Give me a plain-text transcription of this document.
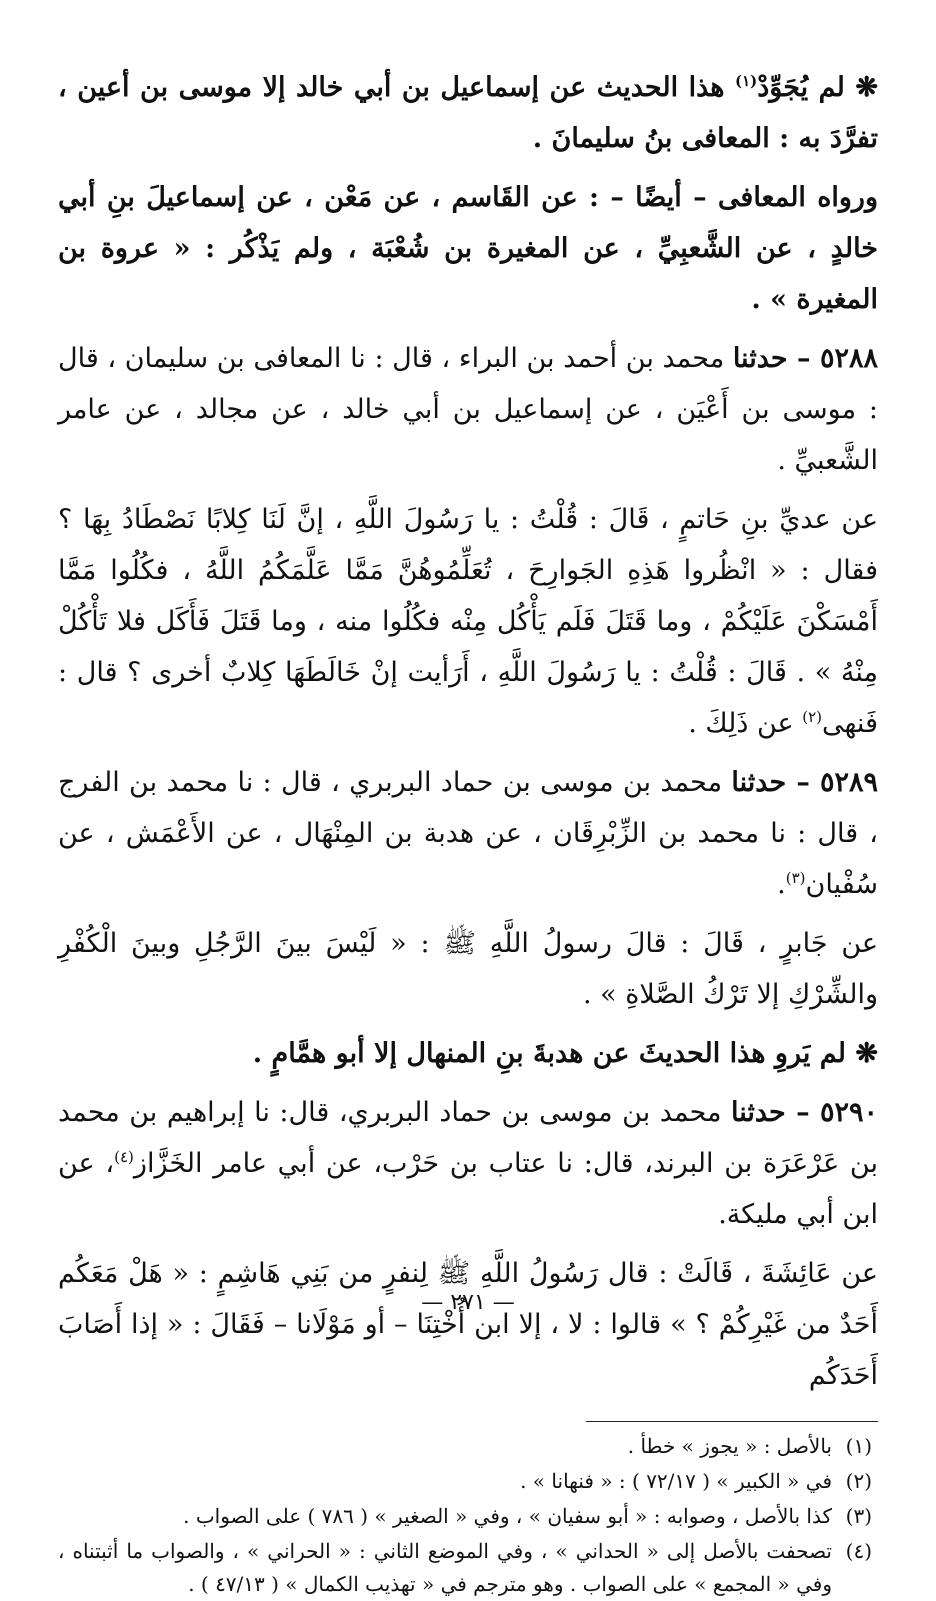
❋ لم يُجَوِّدْ$^{(١)}$ هذا الحديث عن إسماعيل بن أبي خالد إلا موسى بن أعين ، تفرَّدَ به : المعافى بنُ سليمانَ .

ورواه المعافى – أيضًا – : عن القَاسم ، عن مَعْن ، عن إسماعيلَ بنِ أبي خالدٍ ، عن الشَّعبِيِّ ، عن المغيرة بن شُعْبَة ، ولم يَذْكُر : « عروة بن المغيرة » .

٥٢٨٨ – حدثنا محمد بن أحمد بن البراء ، قال : نا المعافى بن سليمان ، قال : موسى بن أَعْيَن ، عن إسماعيل بن أبي خالد ، عن مجالد ، عن عامر الشَّعبيِّ .

عن عديِّ بنِ حَاتمٍ ، قَالَ : قُلْتُ : يا رَسُولَ اللَّهِ ، إنَّ لَنَا كِلابًا نَصْطَادُ بِهَا ؟ فقال : « انْظُروا هَذِهِ الجَوارِحَ ، تُعَلِّمُوهُنَّ مَمَّا عَلَّمَكُمُ اللَّهُ ، فكُلُوا مَمَّا أَمْسَكْنَ عَلَيْكُمْ ، وما قَتَلَ فَلَم يَأْكُل مِنْه فكُلُوا منه ، وما قَتَلَ فَأَكَل فلا تَأْكُلْ مِنْهُ » . قَالَ : قُلْتُ : يا رَسُولَ اللَّهِ ، أَرَأيت إنْ خَالَطَهَا كِلابٌ أخرى ؟ قال : فَنهى$^{(٢)}$ عن ذَلِكَ .

٥٢٨٩ – حدثنا محمد بن موسى بن حماد البربري ، قال : نا محمد بن الفرج ، قال : نا محمد بن الزِّبْرِقَان ، عن هدبة بن المِنْهَال ، عن الأَعْمَش ، عن سُفْيان$^{(٣)}$.

عن جَابرٍ ، قَالَ : قالَ رسولُ اللَّهِ ﷺ : « لَيْسَ بينَ الرَّجُلِ وبينَ الْكُفْرِ والشِّرْكِ إلا تَرْكُ الصَّلاةِ » .

❋ لم يَروِ هذا الحديثَ عن هدبةَ بنِ المنهال إلا أبو همَّامٍ .

٥٢٩٠ – حدثنا محمد بن موسى بن حماد البربري، قال: نا إبراهيم بن محمد بن عَرْعَرَة بن البرند، قال: نا عتاب بن حَرْب، عن أبي عامر الخَزَّاز$^{(٤)}$، عن ابن أبي مليكة.

عن عَائِشَةَ ، قَالَتْ : قال رَسُولُ اللَّهِ ﷺ لِنفرٍ من بَنِي هَاشِمٍ : « هَلْ مَعَكُم أَحَدٌ من غَيْرِكُمْ ؟ » قالوا : لا ، إلا ابن أُخْتِنَا – أو مَوْلَانا – فَقَالَ : « إذا أَصَابَ أَحَدَكُم

(١)
بالأصل : « يجوز » خطأ .
(٢)
في « الكبير » ( ٧٢/١٧ ) : « فنهانا » .
(٣)
كذا بالأصل ، وصوابه : « أبو سفيان » ، وفي « الصغير » ( ٧٨٦ ) على الصواب .
(٤)
تصحفت بالأصل إلى « الحداني » ، وفي الموضع الثاني : « الحراني » ، والصواب ما أثبتناه ، وفي « المجمع » على الصواب . وهو مترجم في « تهذيب الكمال » ( ٤٧/١٣ ) .
— ٢٧١ —
